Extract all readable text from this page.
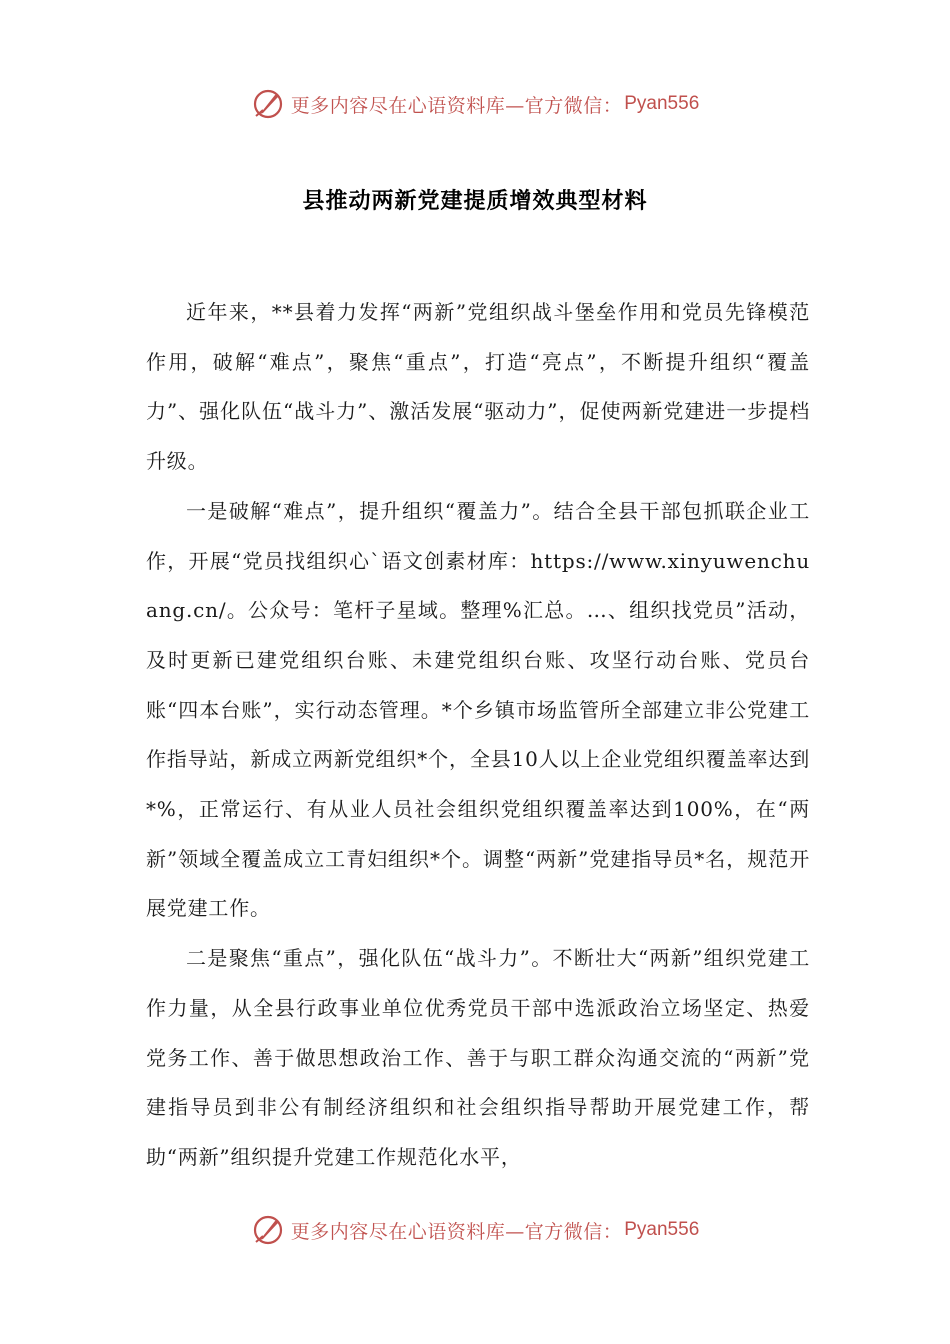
更多内容尽在心语资料库—官方微信： Pyan556
县推动两新党建提质增效典型材料

近年来，**县着力发挥“两新”党组织战斗堡垒作用和党员先锋模范作用，破解“难点”，聚焦“重点”，打造“亮点”，不断提升组织“覆盖力”、强化队伍“战斗力”、激活发展“驱动力”，促使两新党建进一步提档升级。

一是破解“难点”，提升组织“覆盖力”。结合全县干部包抓联企业工作，开展“党员找组织心`语文创素材库：https://www.xinyuwenchuang.cn/。公众号：笔杆子星域。整理%汇总。…、组织找党员”活动，及时更新已建党组织台账、未建党组织台账、攻坚行动台账、党员台账“四本台账”，实行动态管理。*个乡镇市场监管所全部建立非公党建工作指导站，新成立两新党组织*个，全县10人以上企业党组织覆盖率达到*%，正常运行、有从业人员社会组织党组织覆盖率达到100%，在“两新”领域全覆盖成立工青妇组织*个。调整“两新”党建指导员*名，规范开展党建工作。

二是聚焦“重点”，强化队伍“战斗力”。不断壮大“两新”组织党建工作力量，从全县行政事业单位优秀党员干部中选派政治立场坚定、热爱党务工作、善于做思想政治工作、善于与职工群众沟通交流的“两新”党建指导员到非公有制经济组织和社会组织指导帮助开展党建工作，帮助“两新”组织提升党建工作规范化水平，

更多内容尽在心语资料库—官方微信： Pyan556
